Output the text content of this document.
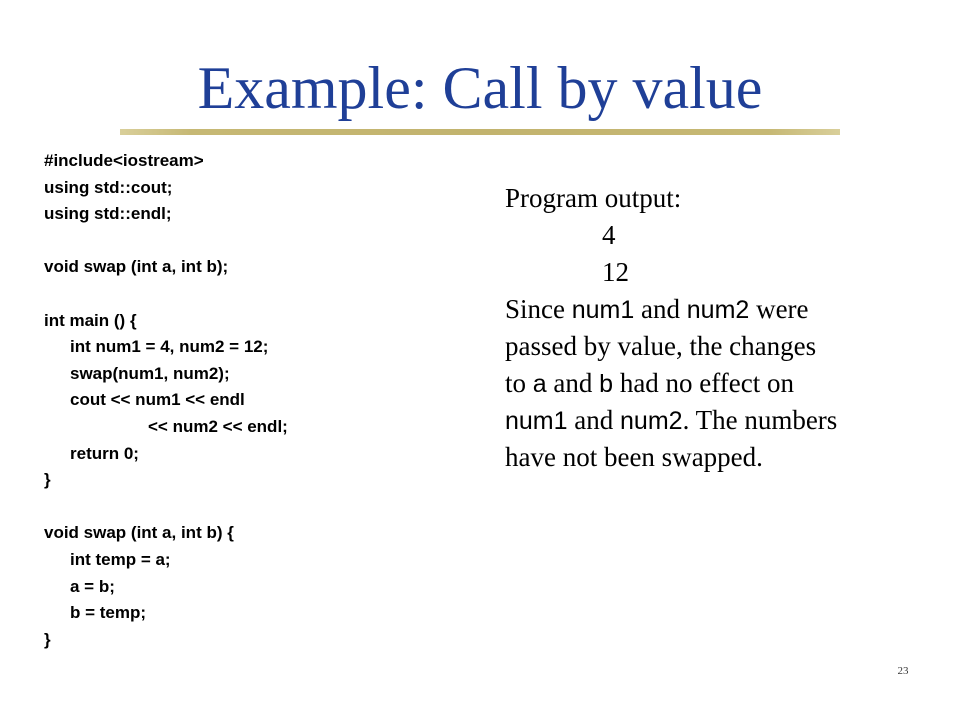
Example: Call by value
#include<iostream>
using std::cout;
using std::endl;
void swap (int a, int b);
int main () {
int num1 = 4, num2 = 12;
swap(num1, num2);
cout << num1 << endl
<< num2 << endl;
return 0;
}
void swap (int a, int b) {
int temp = a;
a = b;
b = temp;
}
Program output:
4
12
Since num1 and num2 were
passed by value, the changes
to a and b had no effect on
num1 and num2. The numbers
have not been swapped.
23
